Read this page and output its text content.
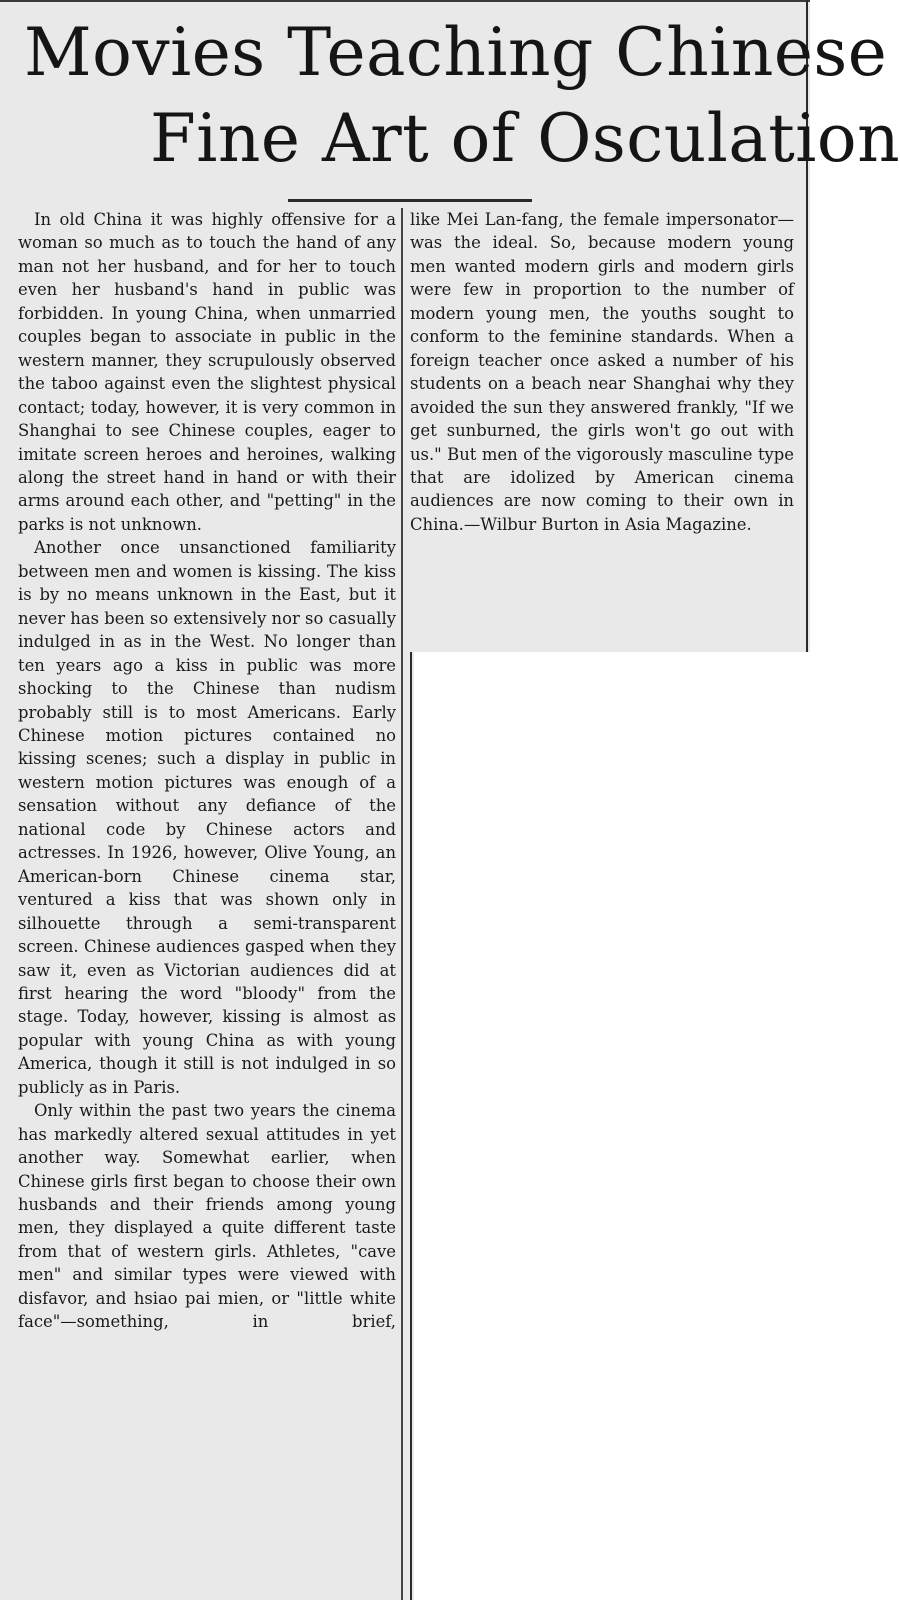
Movies Teaching Chinese
Fine Art of Osculation

In old China it was highly offensive for a woman so much as to touch the hand of any man not her husband, and for her to touch even her husband's hand in public was forbidden. In young China, when unmarried couples began to associate in public in the western manner, they scrupulously observed the taboo against even the slightest physical contact; today, however, it is very common in Shanghai to see Chinese couples, eager to imitate screen heroes and heroines, walking along the street hand in hand or with their arms around each other, and "petting" in the parks is not unknown.

Another once unsanctioned familiarity between men and women is kissing. The kiss is by no means unknown in the East, but it never has been so extensively nor so casually indulged in as in the West. No longer than ten years ago a kiss in public was more shocking to the Chinese than nudism probably still is to most Americans. Early Chinese motion pictures contained no kissing scenes; such a display in public in western motion pictures was enough of a sensation without any defiance of the national code by Chinese actors and actresses. In 1926, however, Olive Young, an American-born Chinese cinema star, ventured a kiss that was shown only in silhouette through a semi-transparent screen. Chinese audiences gasped when they saw it, even as Victorian audiences did at first hearing the word "bloody" from the stage. Today, however, kissing is almost as popular with young China as with young America, though it still is not indulged in so publicly as in Paris.

Only within the past two years the cinema has markedly altered sexual attitudes in yet another way. Somewhat earlier, when Chinese girls first began to choose their own husbands and their friends among young men, they displayed a quite different taste from that of western girls. Athletes, "cave men" and similar types were viewed with disfavor, and hsiao pai mien, or "little white face"—something, in brief,

like Mei Lan-fang, the female impersonator—was the ideal. So, because modern young men wanted modern girls and modern girls were few in proportion to the number of modern young men, the youths sought to conform to the feminine standards. When a foreign teacher once asked a number of his students on a beach near Shanghai why they avoided the sun they answered frankly, "If we get sunburned, the girls won't go out with us." But men of the vigorously masculine type that are idolized by American cinema audiences are now coming to their own in China.—Wilbur Burton in Asia Magazine.
